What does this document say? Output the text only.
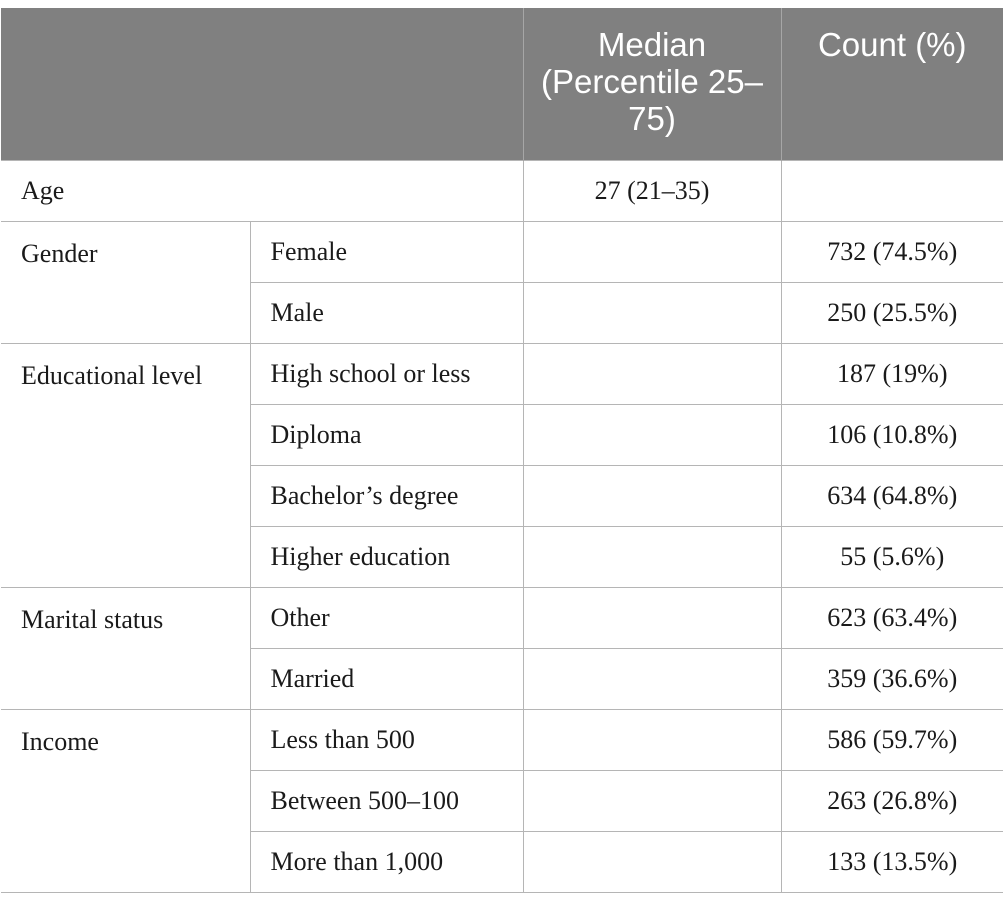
		Median (Percentile 25–75)	Count (%)
Age		27 (21–35)	
Gender	Female		732 (74.5%)
	Male		250 (25.5%)
Educational level	High school or less		187 (19%)
	Diploma		106 (10.8%)
	Bachelor’s degree		634 (64.8%)
	Higher education		55 (5.6%)
Marital status	Other		623 (63.4%)
	Married		359 (36.6%)
Income	Less than 500		586 (59.7%)
	Between 500–100		263 (26.8%)
	More than 1,000		133 (13.5%)
